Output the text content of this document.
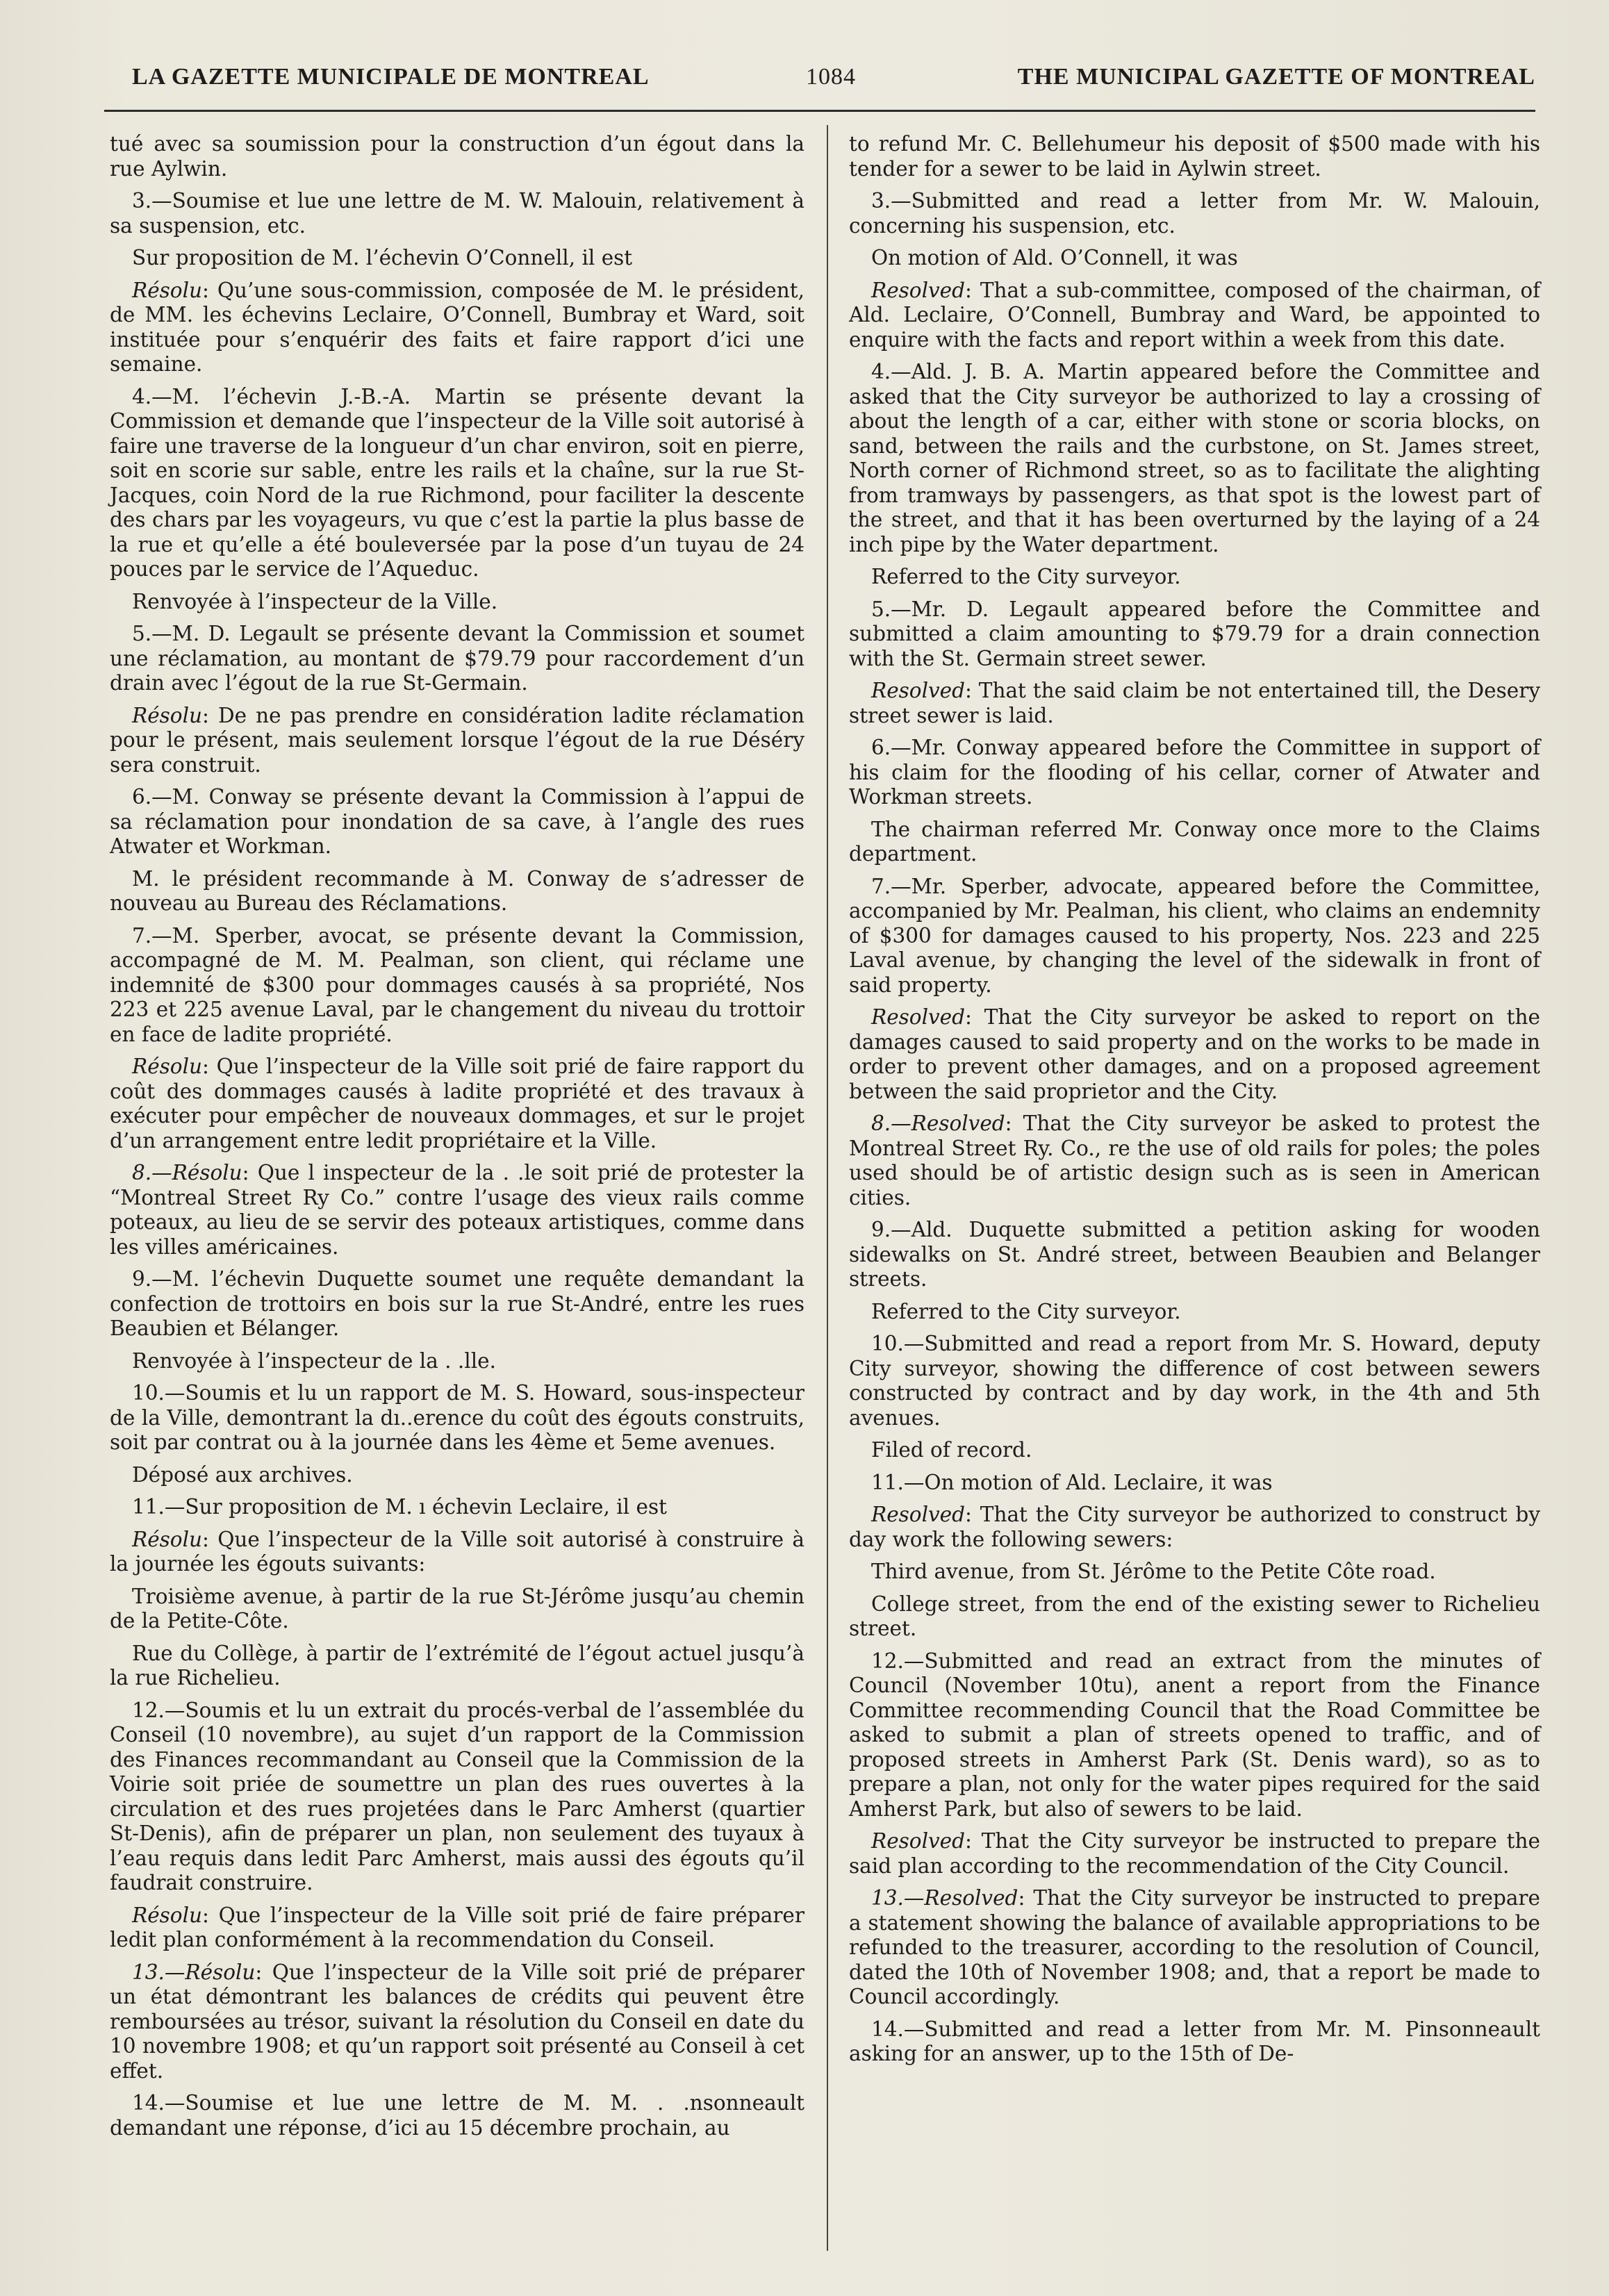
LA GAZETTE MUNICIPALE DE MONTREAL	1084	THE MUNICIPAL GAZETTE OF MONTREAL

tué avec sa soumission pour la construction d’un égout dans la rue Aylwin.

3.—Soumise et lue une lettre de M. W. Malouin, relativement à sa suspension, etc.

Sur proposition de M. l’échevin O’Connell, il est

Résolu: Qu’une sous-commission, composée de M. le président, de MM. les échevins Leclaire, O’Connell, Bumbray et Ward, soit instituée pour s’enquérir des faits et faire rapport d’ici une semaine.

4.—M. l’échevin J.-B.-A. Martin se présente devant la Commission et demande que l’inspecteur de la Ville soit autorisé à faire une traverse de la longueur d’un char environ, soit en pierre, soit en scorie sur sable, entre les rails et la chaîne, sur la rue St-Jacques, coin Nord de la rue Richmond, pour faciliter la descente des chars par les voyageurs, vu que c’est la partie la plus basse de la rue et qu’elle a été bouleversée par la pose d’un tuyau de 24 pouces par le service de l’Aqueduc.

Renvoyée à l’inspecteur de la Ville.

5.—M. D. Legault se présente devant la Commission et soumet une réclamation, au montant de $79.79 pour raccordement d’un drain avec l’égout de la rue St-Germain.

Résolu: De ne pas prendre en considération ladite réclamation pour le présent, mais seulement lorsque l’égout de la rue Déséry sera construit.

6.—M. Conway se présente devant la Commission à l’appui de sa réclamation pour inondation de sa cave, à l’angle des rues Atwater et Workman.

M. le président recommande à M. Conway de s’adresser de nouveau au Bureau des Réclamations.

7.—M. Sperber, avocat, se présente devant la Commission, accompagné de M. M. Pealman, son client, qui réclame une indemnité de $300 pour dommages causés à sa propriété, Nos 223 et 225 avenue Laval, par le changement du niveau du trottoir en face de ladite propriété.

Résolu: Que l’inspecteur de la Ville soit prié de faire rapport du coût des dommages causés à ladite propriété et des travaux à exécuter pour empêcher de nouveaux dommages, et sur le projet d’un arrangement entre ledit propriétaire et la Ville.

8.—Résolu: Que l inspecteur de la . .le soit prié de protester la “Montreal Street Ry Co.” contre l’usage des vieux rails comme poteaux, au lieu de se servir des poteaux artistiques, comme dans les villes américaines.

9.—M. l’échevin Duquette soumet une requête demandant la confection de trottoirs en bois sur la rue St-André, entre les rues Beaubien et Bélanger.

Renvoyée à l’inspecteur de la . .lle.

10.—Soumis et lu un rapport de M. S. Howard, sous-inspecteur de la Ville, demontrant la dı..erence du coût des égouts construits, soit par contrat ou à la journée dans les 4ème et 5eme avenues.

Déposé aux archives.

11.—Sur proposition de M. ı échevin Leclaire, il est

Résolu: Que l’inspecteur de la Ville soit autorisé à construire à la journée les égouts suivants:

Troisième avenue, à partir de la rue St-Jérôme jusqu’au chemin de la Petite-Côte.

Rue du Collège, à partir de l’extrémité de l’égout actuel jusqu’à la rue Richelieu.

12.—Soumis et lu un extrait du procés-verbal de l’assemblée du Conseil (10 novembre), au sujet d’un rapport de la Commission des Finances recommandant au Conseil que la Commission de la Voirie soit priée de soumettre un plan des rues ouvertes à la circulation et des rues projetées dans le Parc Amherst (quartier St-Denis), afin de préparer un plan, non seulement des tuyaux à l’eau requis dans ledit Parc Amherst, mais aussi des égouts qu’il faudrait construire.

Résolu: Que l’inspecteur de la Ville soit prié de faire préparer ledit plan conformément à la recommendation du Conseil.

13.—Résolu: Que l’inspecteur de la Ville soit prié de préparer un état démontrant les balances de crédits qui peuvent être remboursées au trésor, suivant la résolution du Conseil en date du 10 novembre 1908; et qu’un rapport soit présenté au Conseil à cet effet.

14.—Soumise et lue une lettre de M. M. . .nsonneault demandant une réponse, d’ici au 15 décembre prochain, au

to refund Mr. C. Bellehumeur his deposit of $500 made with his tender for a sewer to be laid in Aylwin street.

3.—Submitted and read a letter from Mr. W. Malouin, concerning his suspension, etc.

On motion of Ald. O’Connell, it was

Resolved: That a sub-committee, composed of the chairman, of Ald. Leclaire, O’Connell, Bumbray and Ward, be appointed to enquire with the facts and report within a week from this date.

4.—Ald. J. B. A. Martin appeared before the Committee and asked that the City surveyor be authorized to lay a crossing of about the length of a car, either with stone or scoria blocks, on sand, between the rails and the curbstone, on St. James street, North corner of Richmond street, so as to facilitate the alighting from tramways by passengers, as that spot is the lowest part of the street, and that it has been overturned by the laying of a 24 inch pipe by the Water department.

Referred to the City surveyor.

5.—Mr. D. Legault appeared before the Committee and submitted a claim amounting to $79.79 for a drain connection with the St. Germain street sewer.

Resolved: That the said claim be not entertained till, the Desery street sewer is laid.

6.—Mr. Conway appeared before the Committee in support of his claim for the flooding of his cellar, corner of Atwater and Workman streets.

The chairman referred Mr. Conway once more to the Claims department.

7.—Mr. Sperber, advocate, appeared before the Committee, accompanied by Mr. Pealman, his client, who claims an endemnity of $300 for damages caused to his property, Nos. 223 and 225 Laval avenue, by changing the level of the sidewalk in front of said property.

Resolved: That the City surveyor be asked to report on the damages caused to said property and on the works to be made in order to prevent other damages, and on a proposed agreement between the said proprietor and the City.

8.—Resolved: That the City surveyor be asked to protest the Montreal Street Ry. Co., re the use of old rails for poles; the poles used should be of artistic design such as is seen in American cities.

9.—Ald. Duquette submitted a petition asking for wooden sidewalks on St. André street, between Beaubien and Belanger streets.

Referred to the City surveyor.

10.—Submitted and read a report from Mr. S. Howard, deputy City surveyor, showing the difference of cost between sewers constructed by contract and by day work, in the 4th and 5th avenues.

Filed of record.

11.—On motion of Ald. Leclaire, it was

Resolved: That the City surveyor be authorized to construct by day work the following sewers:

Third avenue, from St. Jérôme to the Petite Côte road.

College street, from the end of the existing sewer to Richelieu street.

12.—Submitted and read an extract from the minutes of Council (November 10tu), anent a report from the Finance Committee recommending Council that the Road Committee be asked to submit a plan of streets opened to traffic, and of proposed streets in Amherst Park (St. Denis ward), so as to prepare a plan, not only for the water pipes required for the said Amherst Park, but also of sewers to be laid.

Resolved: That the City surveyor be instructed to prepare the said plan according to the recommendation of the City Council.

13.—Resolved: That the City surveyor be instructed to prepare a statement showing the balance of available appropriations to be refunded to the treasurer, according to the resolution of Council, dated the 10th of November 1908; and, that a report be made to Council accordingly.

14.—Submitted and read a letter from Mr. M. Pinsonneault asking for an answer, up to the 15th of De-
